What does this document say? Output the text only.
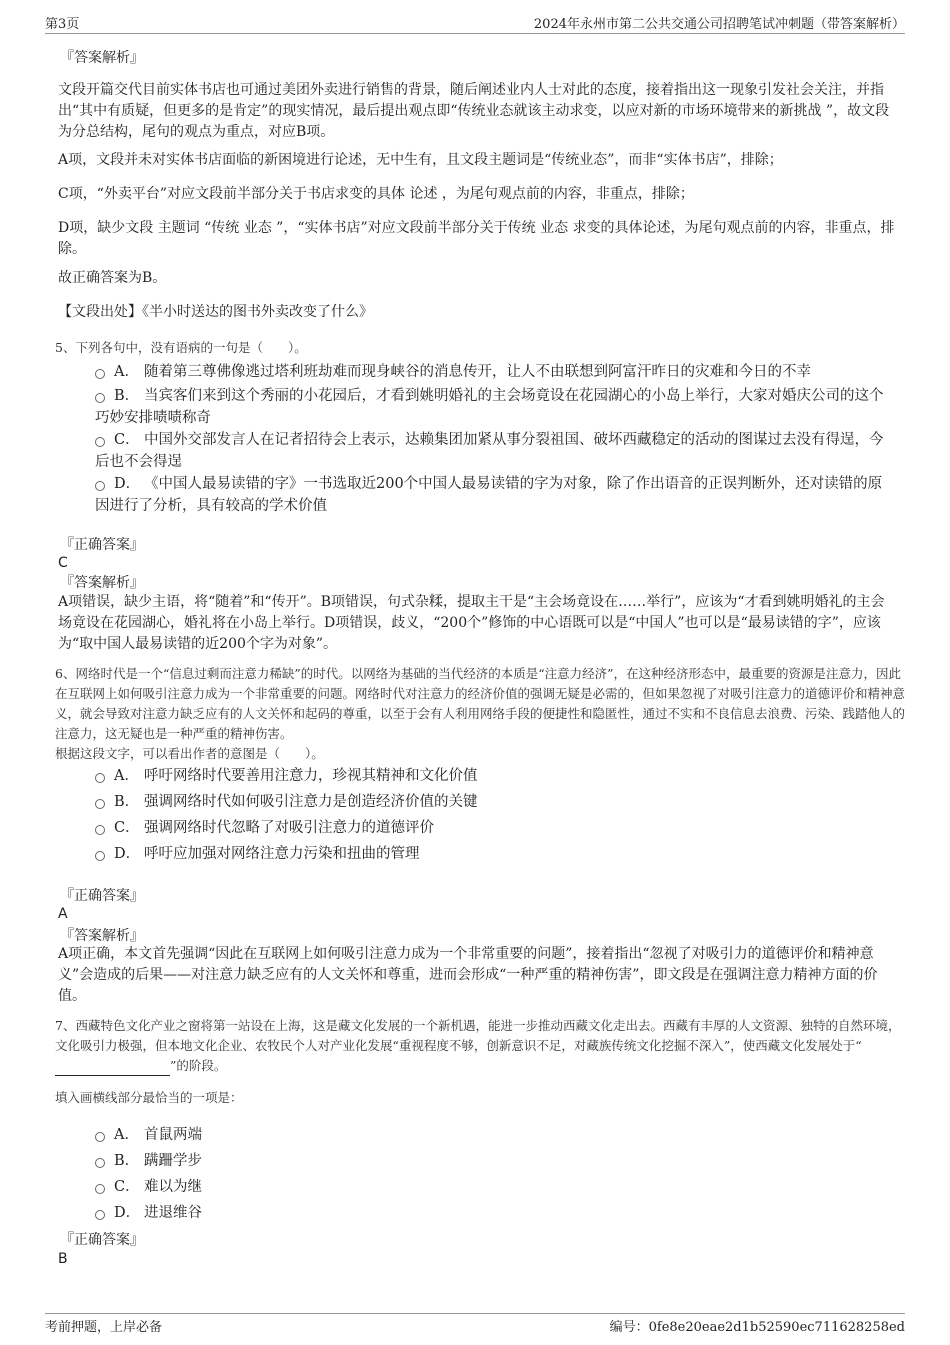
第3页	2024年永州市第二公共交通公司招聘笔试冲刺题（带答案解析）
『答案解析』
文段开篇交代目前实体书店也可通过美团外卖进行销售的背景，随后阐述业内人士对此的态度，接着指出这一现象引发社会关注，并指出“其中有质疑，但更多的是肯定”的现实情况，最后提出观点即“传统业态就该主动求变，以应对新的市场环境带来的新挑战 ”，故文段为分总结构，尾句的观点为重点，对应B项。
A项，文段并未对实体书店面临的新困境进行论述，无中生有，且文段主题词是“传统业态”，而非“实体书店”，排除；
C项，“外卖平台”对应文段前半部分关于书店求变的具体 论述 ，为尾句观点前的内容，非重点，排除；
D项，缺少文段 主题词 “传统 业态 ”，“实体书店”对应文段前半部分关于传统 业态 求变的具体论述，为尾句观点前的内容，非重点，排除。
故正确答案为B。
【文段出处】《半小时送达的图书外卖改变了什么》
5、下列各句中，没有语病的一句是（　　）。
A． 随着第三尊佛像逃过塔利班劫难而现身峡谷的消息传开，让人不由联想到阿富汗昨日的灾难和今日的不幸
B． 当宾客们来到这个秀丽的小花园后，才看到姚明婚礼的主会场竟设在花园湖心的小岛上举行，大家对婚庆公司的这个巧妙安排啧啧称奇
C． 中国外交部发言人在记者招待会上表示，达赖集团加紧从事分裂祖国、破坏西藏稳定的活动的图谋过去没有得逞，今后也不会得逞
D． 《中国人最易读错的字》一书选取近200个中国人最易读错的字为对象，除了作出语音的正误判断外，还对读错的原因进行了分析，具有较高的学术价值
『正确答案』
C
『答案解析』
A项错误，缺少主语，将“随着”和“传开”。B项错误，句式杂糅，提取主干是“主会场竟设在……举行”，应该为“才看到姚明婚礼的主会场竟设在花园湖心，婚礼将在小岛上举行。D项错误，歧义，“200个”修饰的中心语既可以是“中国人”也可以是“最易读错的字”，应该为“取中国人最易读错的近200个字为对象”。
6、网络时代是一个“信息过剩而注意力稀缺”的时代。以网络为基础的当代经济的本质是“注意力经济”，在这种经济形态中，最重要的资源是注意力，因此在互联网上如何吸引注意力成为一个非常重要的问题。网络时代对注意力的经济价值的强调无疑是必需的，但如果忽视了对吸引注意力的道德评价和精神意义，就会导致对注意力缺乏应有的人文关怀和起码的尊重，以至于会有人利用网络手段的便捷性和隐匿性，通过不实和不良信息去浪费、污染、践踏他人的注意力，这无疑也是一种严重的精神伤害。
根据这段文字，可以看出作者的意图是（　　）。
A． 呼吁网络时代要善用注意力，珍视其精神和文化价值
B． 强调网络时代如何吸引注意力是创造经济价值的关键
C． 强调网络时代忽略了对吸引注意力的道德评价
D． 呼吁应加强对网络注意力污染和扭曲的管理
『正确答案』
A
『答案解析』
A项正确，本文首先强调“因此在互联网上如何吸引注意力成为一个非常重要的问题”，接着指出“忽视了对吸引力的道德评价和精神意义”会造成的后果——对注意力缺乏应有的人文关怀和尊重，进而会形成“一种严重的精神伤害”，即文段是在强调注意力精神方面的价值。
7、西藏特色文化产业之窗将第一站设在上海，这是藏文化发展的一个新机遇，能进一步推动西藏文化走出去。西藏有丰厚的人文资源、独特的自然环境，文化吸引力极强，但本地文化企业、农牧民个人对产业化发展“重视程度不够，创新意识不足，对藏族传统文化挖掘不深入”，使西藏文化发展处于“”的阶段。
填入画横线部分最恰当的一项是：
A． 首鼠两端
B． 蹒跚学步
C． 难以为继
D． 进退维谷
『正确答案』
B
考前押题，上岸必备	编号：0fe8e20eae2d1b52590ec711628258ed
